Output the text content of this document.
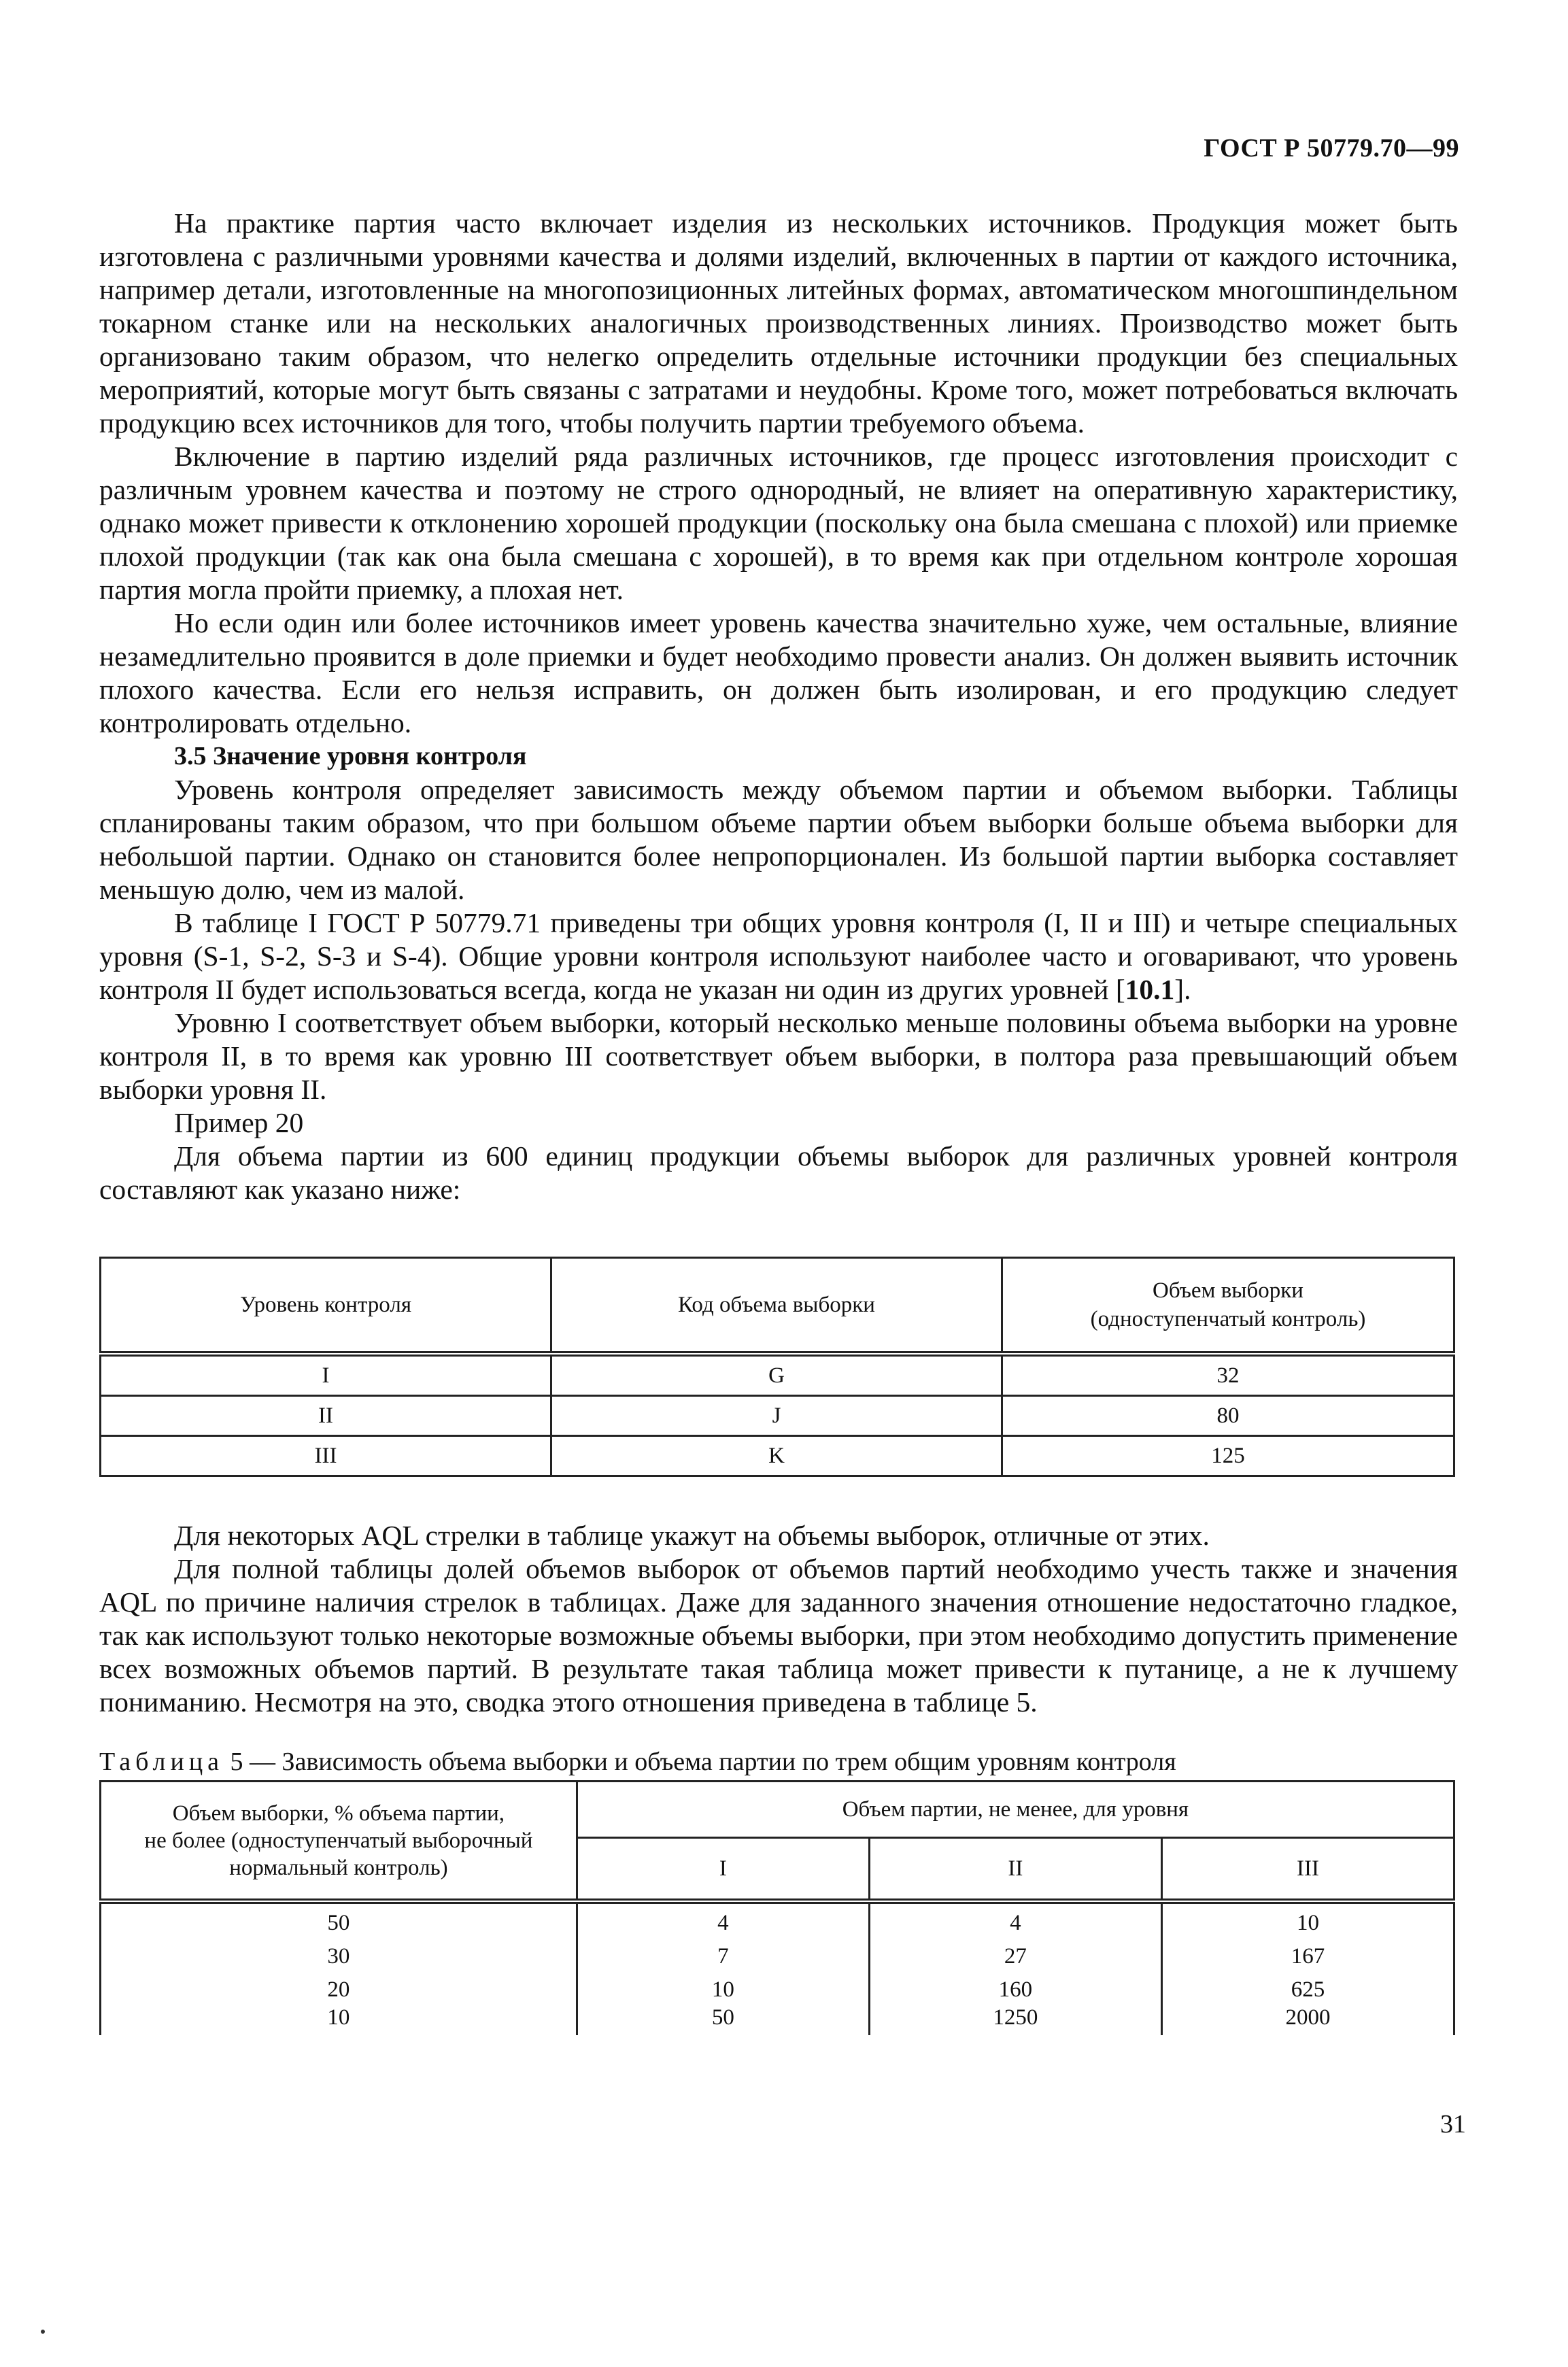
ГОСТ Р 50779.70—99

На практике партия часто включает изделия из нескольких источников. Продукция может быть изготовлена с различными уровнями качества и долями изделий, включенных в партии от каждого источника, например детали, изготовленные на многопозиционных литейных формах, автоматическом многошпиндельном токарном станке или на нескольких аналогичных производственных линиях. Производство может быть организовано таким образом, что нелегко определить отдельные источники продукции без специальных мероприятий, которые могут быть связаны с затратами и неудобны. Кроме того, может потребоваться включать продукцию всех источников для того, чтобы получить партии требуемого объема.

Включение в партию изделий ряда различных источников, где процесс изготовления происходит с различным уровнем качества и поэтому не строго однородный, не влияет на оперативную характеристику, однако может привести к отклонению хорошей продукции (поскольку она была смешана с плохой) или приемке плохой продукции (так как она была смешана с хорошей), в то время как при отдельном контроле хорошая партия могла пройти приемку, а плохая нет.

Но если один или более источников имеет уровень качества значительно хуже, чем остальные, влияние незамедлительно проявится в доле приемки и будет необходимо провести анализ. Он должен выявить источник плохого качества. Если его нельзя исправить, он должен быть изолирован, и его продукцию следует контролировать отдельно.

3.5 Значение уровня контроля

Уровень контроля определяет зависимость между объемом партии и объемом выборки. Таблицы спланированы таким образом, что при большом объеме партии объем выборки больше объема выборки для небольшой партии. Однако он становится более непропорционален. Из большой партии выборка составляет меньшую долю, чем из малой.

В таблице I ГОСТ Р 50779.71 приведены три общих уровня контроля (I, II и III) и четыре специальных уровня (S-1, S-2, S-3 и S-4). Общие уровни контроля используют наиболее часто и оговаривают, что уровень контроля II будет использоваться всегда, когда не указан ни один из других уровней [10.1].

Уровню I соответствует объем выборки, который несколько меньше половины объема выборки на уровне контроля II, в то время как уровню III соответствует объем выборки, в полтора раза превышающий объем выборки уровня II.

Пример 20

Для объема партии из 600 единиц продукции объемы выборок для различных уровней контроля составляют как указано ниже:

Уровень контроля	Код объема выборки	Объем выборки
(одноступенчатый контроль)
I	G	32
II	J	80
III	K	125

Для некоторых AQL стрелки в таблице укажут на объемы выборок, отличные от этих.

Для полной таблицы долей объемов выборок от объемов партий необходимо учесть также и значения AQL по причине наличия стрелок в таблицах. Даже для заданного значения отношение недостаточно гладкое, так как используют только некоторые возможные объемы выборки, при этом необходимо допустить применение всех возможных объемов партий. В результате такая таблица может привести к путанице, а не к лучшему пониманию. Несмотря на это, сводка этого отношения приведена в таблице 5.

Таблица 5 — Зависимость объема выборки и объема партии по трем общим уровням контроля
Объем выборки, % объема партии,
не более (одноступенчатый выборочный
нормальный контроль)	Объем партии, не менее, для уровня		
	I	II	III
50	4	4	10
30	7	27	167
20	10	160	625
10	50	1250	2000
31
